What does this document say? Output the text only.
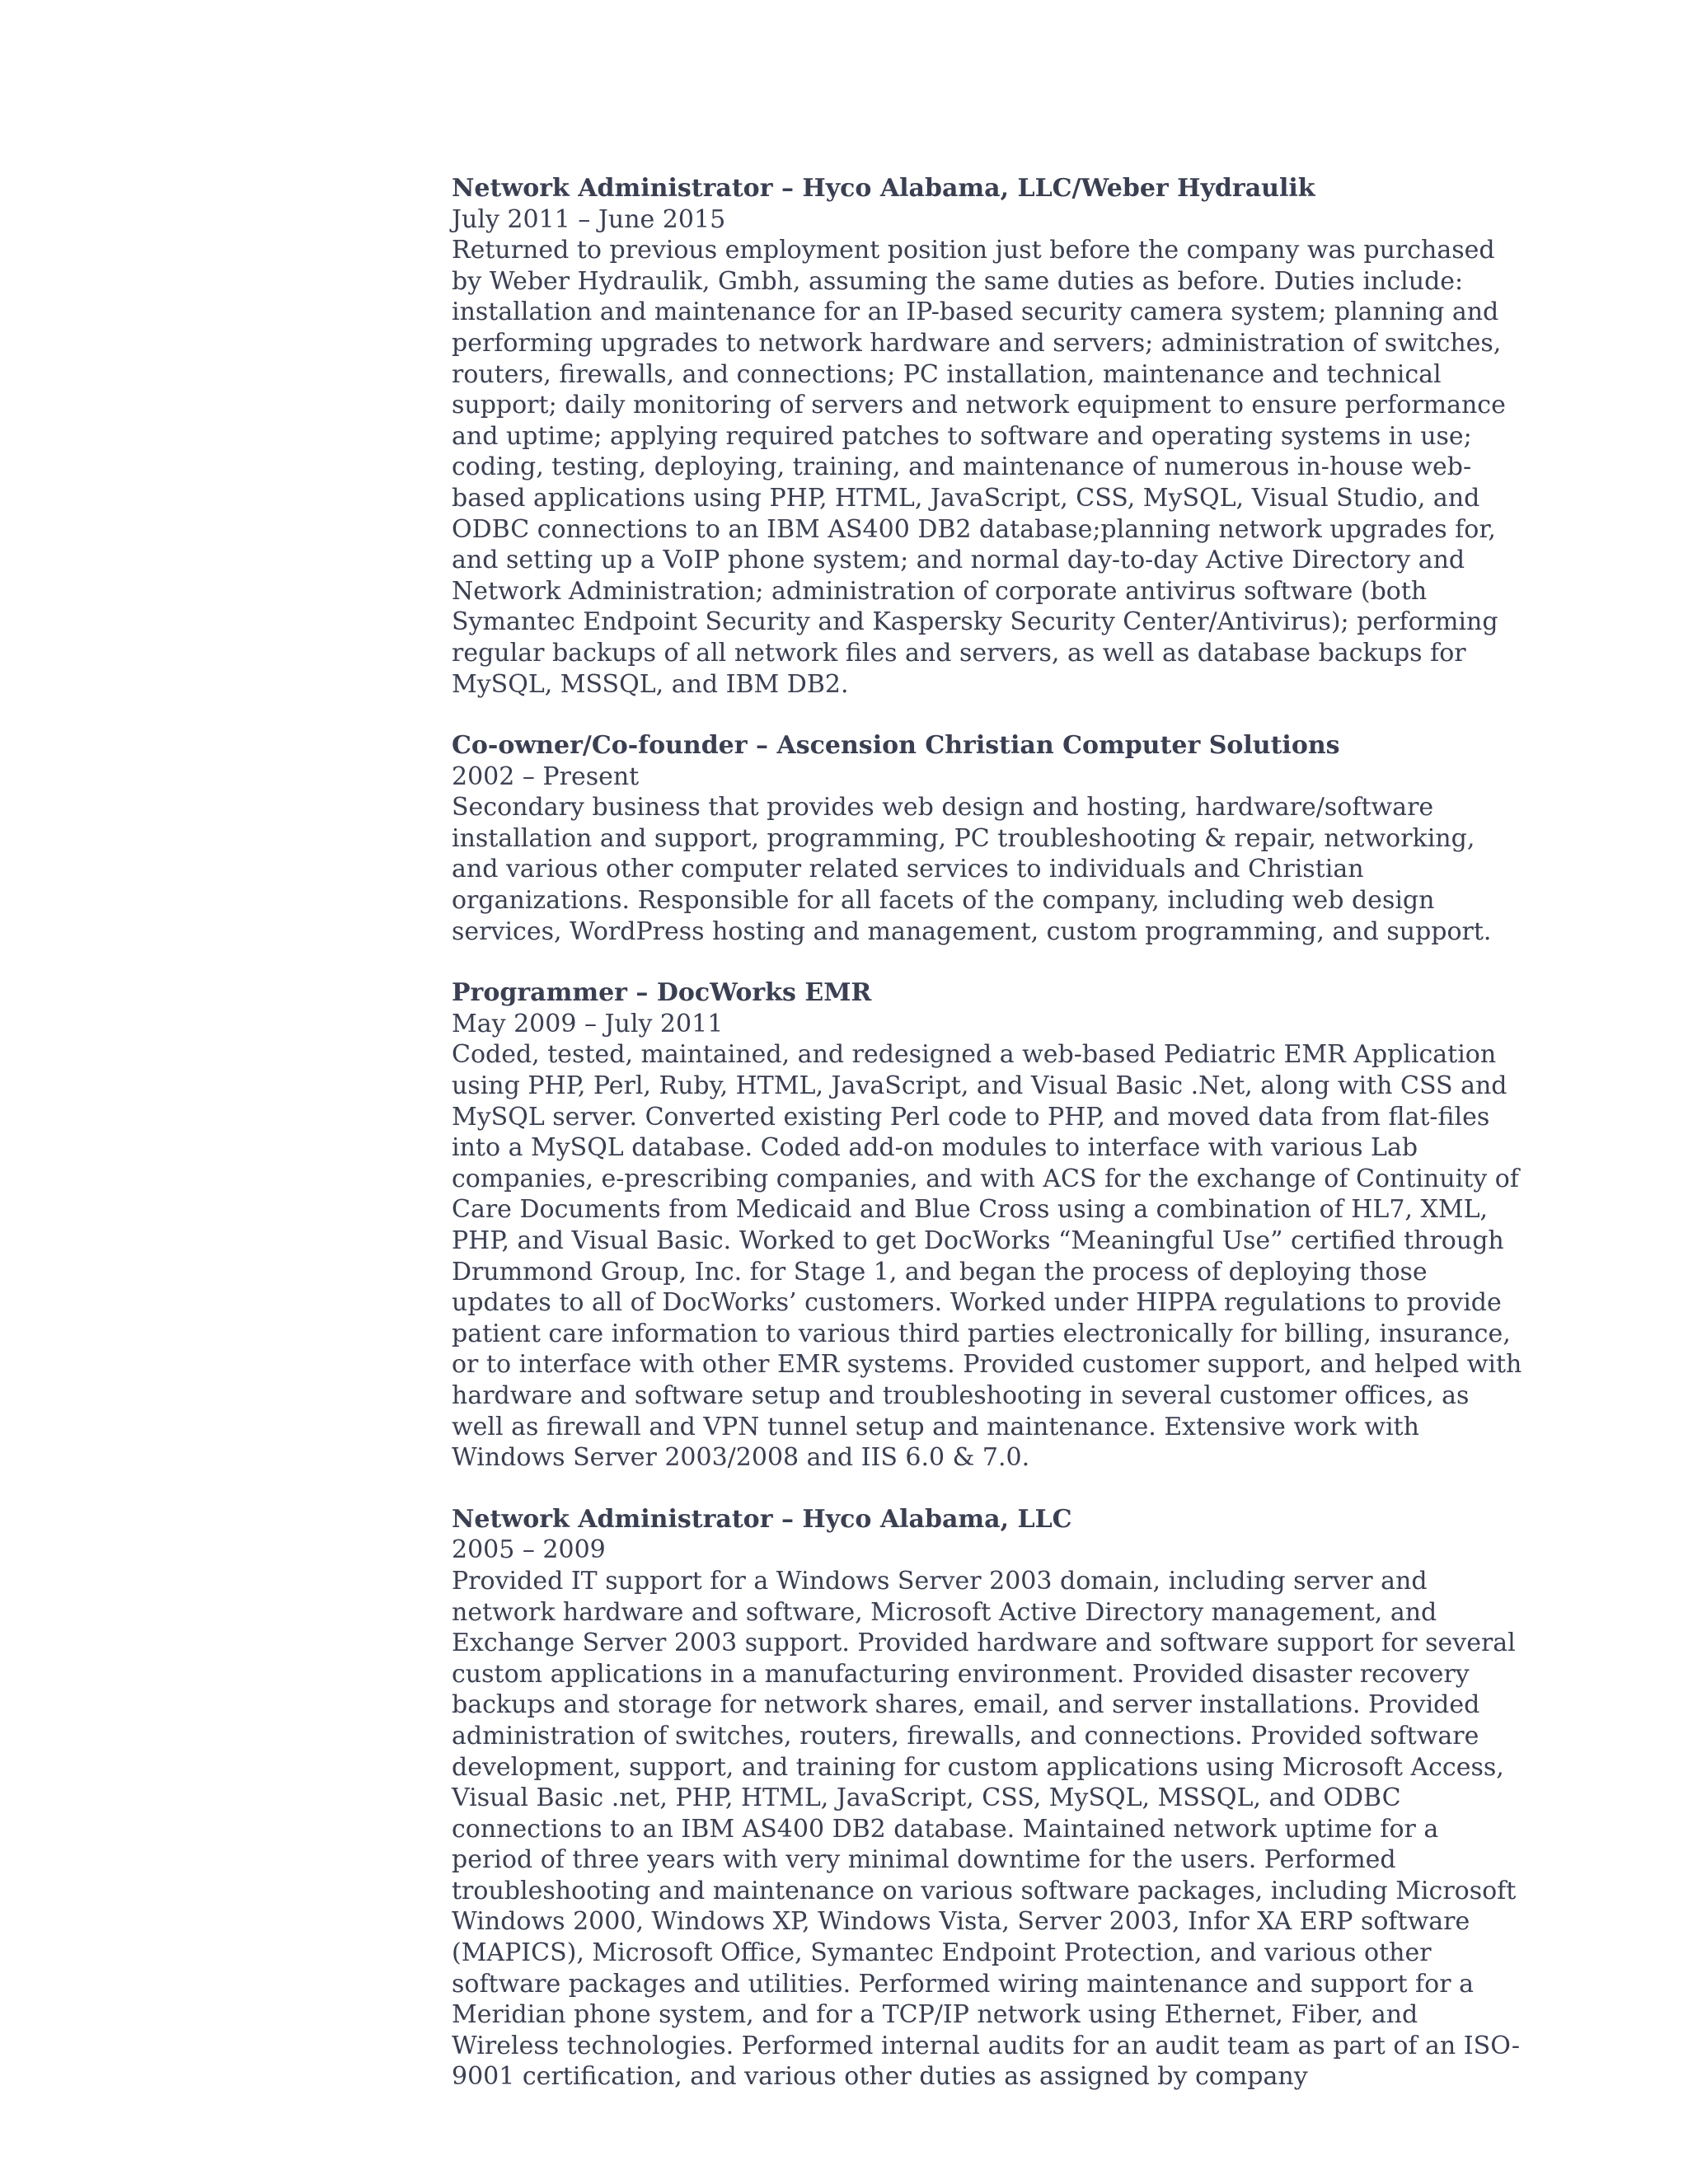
Network Administrator – Hyco Alabama, LLC/Weber Hydraulik
July 2011 – June 2015
Returned to previous employment position just before the company was purchased by Weber Hydraulik, Gmbh, assuming the same duties as before. Duties include: installation and maintenance for an IP-based security camera system; planning and performing upgrades to network hardware and servers; administration of switches, routers, firewalls, and connections; PC installation, maintenance and technical support; daily monitoring of servers and network equipment to ensure performance and uptime; applying required patches to software and operating systems in use; coding, testing, deploying, training, and maintenance of numerous in-house web-based applications using PHP, HTML, JavaScript, CSS, MySQL, Visual Studio, and ODBC connections to an IBM AS400 DB2 database;planning network upgrades for, and setting up a VoIP phone system; and normal day-to-day Active Directory and Network Administration; administration of corporate antivirus software (both Symantec Endpoint Security and Kaspersky Security Center/Antivirus); performing regular backups of all network files and servers, as well as database backups for MySQL, MSSQL, and IBM DB2.
Co-owner/Co-founder – Ascension Christian Computer Solutions
2002 – Present
Secondary business that provides web design and hosting, hardware/software installation and support, programming, PC troubleshooting & repair, networking, and various other computer related services to individuals and Christian organizations. Responsible for all facets of the company, including web design services, WordPress hosting and management, custom programming, and support.
Programmer – DocWorks EMR
May 2009 – July 2011
Coded, tested, maintained, and redesigned a web-based Pediatric EMR Application using PHP, Perl, Ruby, HTML, JavaScript, and Visual Basic .Net, along with CSS and MySQL server. Converted existing Perl code to PHP, and moved data from flat-files into a MySQL database. Coded add-on modules to interface with various Lab companies, e-prescribing companies, and with ACS for the exchange of Continuity of Care Documents from Medicaid and Blue Cross using a combination of HL7, XML, PHP, and Visual Basic. Worked to get DocWorks “Meaningful Use” certified through Drummond Group, Inc. for Stage 1, and began the process of deploying those updates to all of DocWorks’ customers. Worked under HIPPA regulations to provide patient care information to various third parties electronically for billing, insurance, or to interface with other EMR systems. Provided customer support, and helped with hardware and software setup and troubleshooting in several customer offices, as well as firewall and VPN tunnel setup and maintenance. Extensive work with Windows Server 2003/2008 and IIS 6.0 & 7.0.
Network Administrator – Hyco Alabama, LLC
2005 – 2009
Provided IT support for a Windows Server 2003 domain, including server and network hardware and software, Microsoft Active Directory management, and Exchange Server 2003 support. Provided hardware and software support for several custom applications in a manufacturing environment. Provided disaster recovery backups and storage for network shares, email, and server installations. Provided administration of switches, routers, firewalls, and connections. Provided software development, support, and training for custom applications using Microsoft Access, Visual Basic .net, PHP, HTML, JavaScript, CSS, MySQL, MSSQL, and ODBC connections to an IBM AS400 DB2 database. Maintained network uptime for a period of three years with very minimal downtime for the users. Performed troubleshooting and maintenance on various software packages, including Microsoft Windows 2000, Windows XP, Windows Vista, Server 2003, Infor XA ERP software (MAPICS), Microsoft Office, Symantec Endpoint Protection, and various other software packages and utilities. Performed wiring maintenance and support for a Meridian phone system, and for a TCP/IP network using Ethernet, Fiber, and Wireless technologies. Performed internal audits for an audit team as part of an ISO-9001 certification, and various other duties as assigned by company
